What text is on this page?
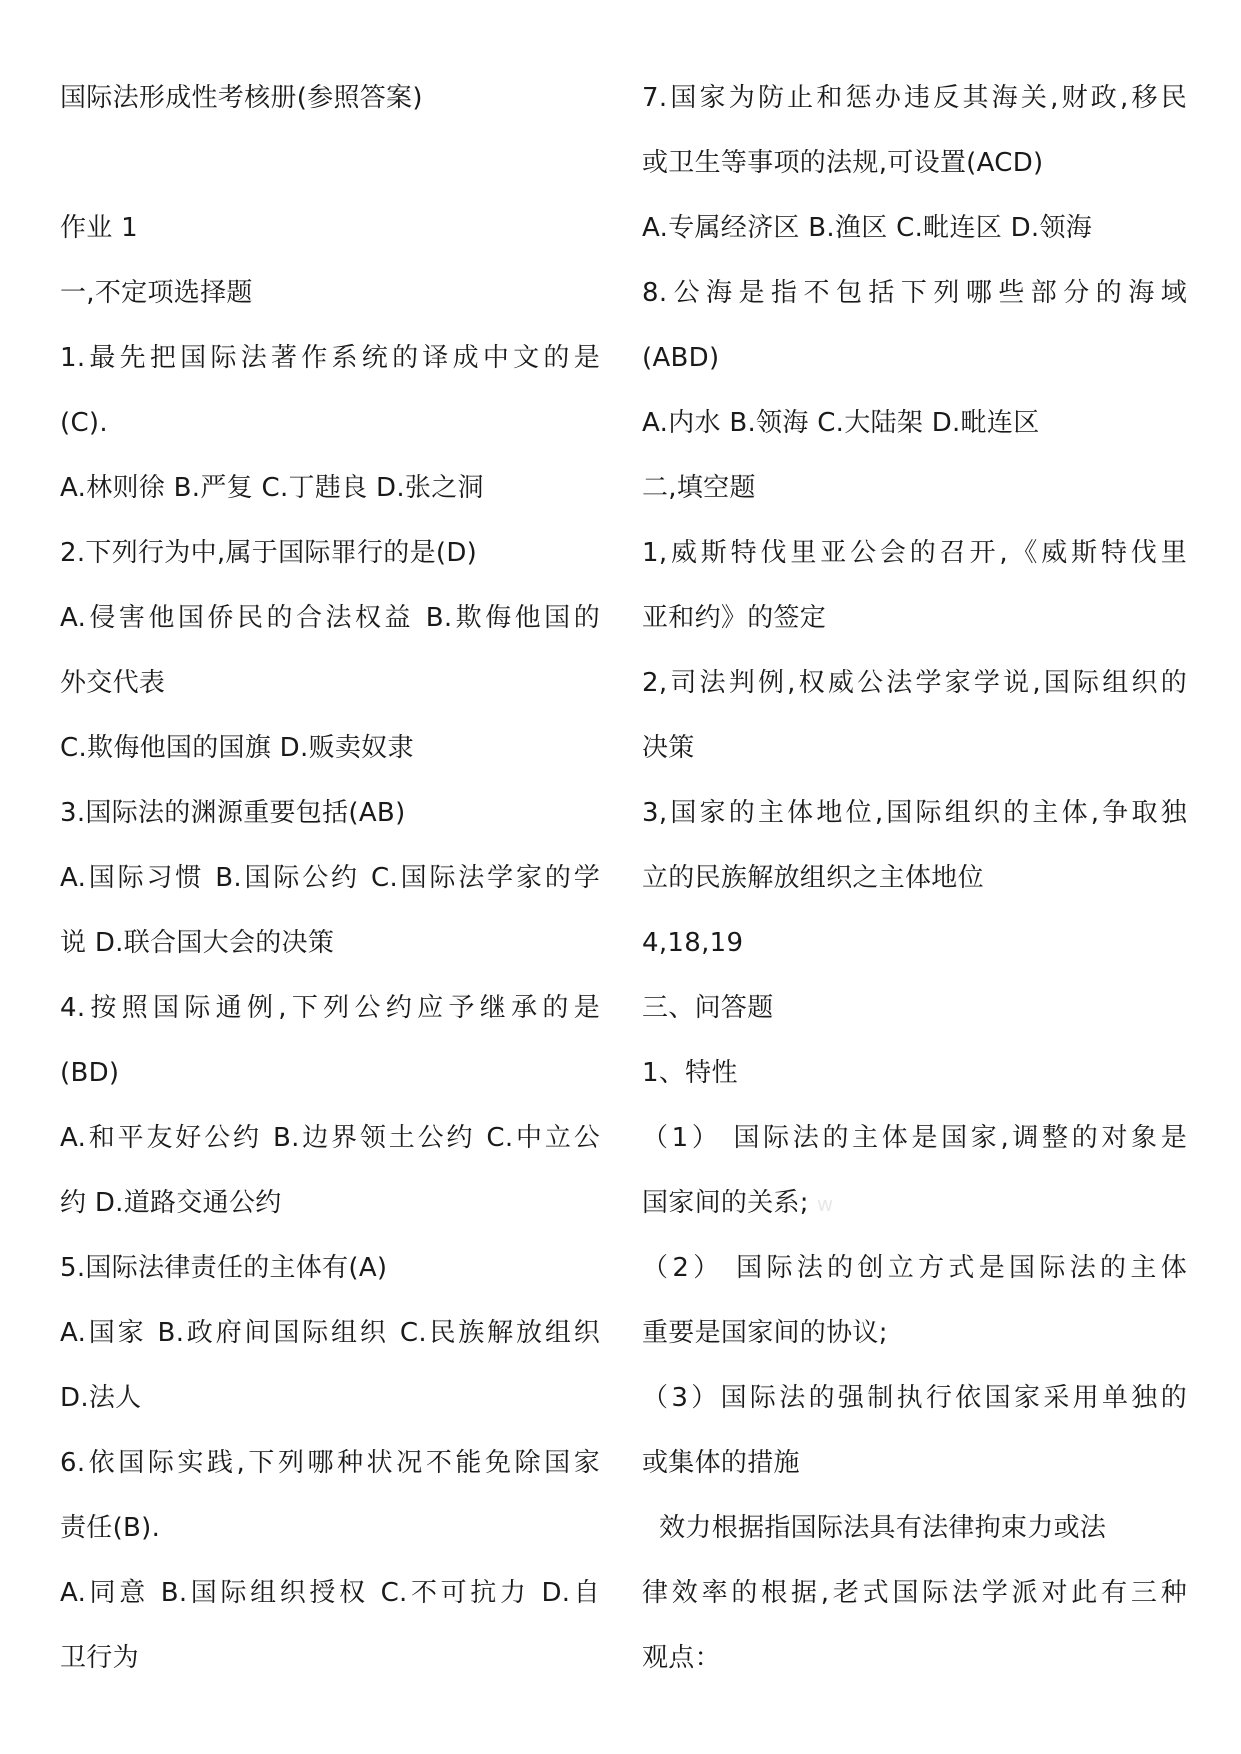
国际法形成性考核册(参照答案)
作业 1
一,不定项选择题
1.最先把国际法著作系统的译成中文的是
(C).
A.林则徐 B.严复 C.丁韪良 D.张之洞
2.下列行为中,属于国际罪行的是(D)
A.侵害他国侨民的合法权益 B.欺侮他国的
外交代表
C.欺侮他国的国旗 D.贩卖奴隶
3.国际法的渊源重要包括(AB)
A.国际习惯 B.国际公约 C.国际法学家的学
说 D.联合国大会的决策
4.按照国际通例,下列公约应予继承的是
(BD)
A.和平友好公约 B.边界领土公约 C.中立公
约 D.道路交通公约
5.国际法律责任的主体有(A)
A.国家 B.政府间国际组织 C.民族解放组织
D.法人
6.依国际实践,下列哪种状况不能免除国家
责任(B).
A.同意 B.国际组织授权 C.不可抗力 D.自
卫行为
7.国家为防止和惩办违反其海关,财政,移民
或卫生等事项的法规,可设置(ACD)
A.专属经济区 B.渔区 C.毗连区 D.领海
8.公海是指不包括下列哪些部分的海域
(ABD)
A.内水 B.领海 C.大陆架 D.毗连区
二,填空题
1,威斯特伐里亚公会的召开,《威斯特伐里
亚和约》的签定
2,司法判例,权威公法学家学说,国际组织的
决策
3,国家的主体地位,国际组织的主体,争取独
立的民族解放组织之主体地位
4,18,19
三、问答题
1、特性
（1） 国际法的主体是国家,调整的对象是
国家间的关系; w
（2） 国际法的创立方式是国际法的主体
重要是国家间的协议;
（3）国际法的强制执行依国家采用单独的
或集体的措施
效力根据指国际法具有法律拘束力或法
律效率的根据,老式国际法学派对此有三种
观点：
